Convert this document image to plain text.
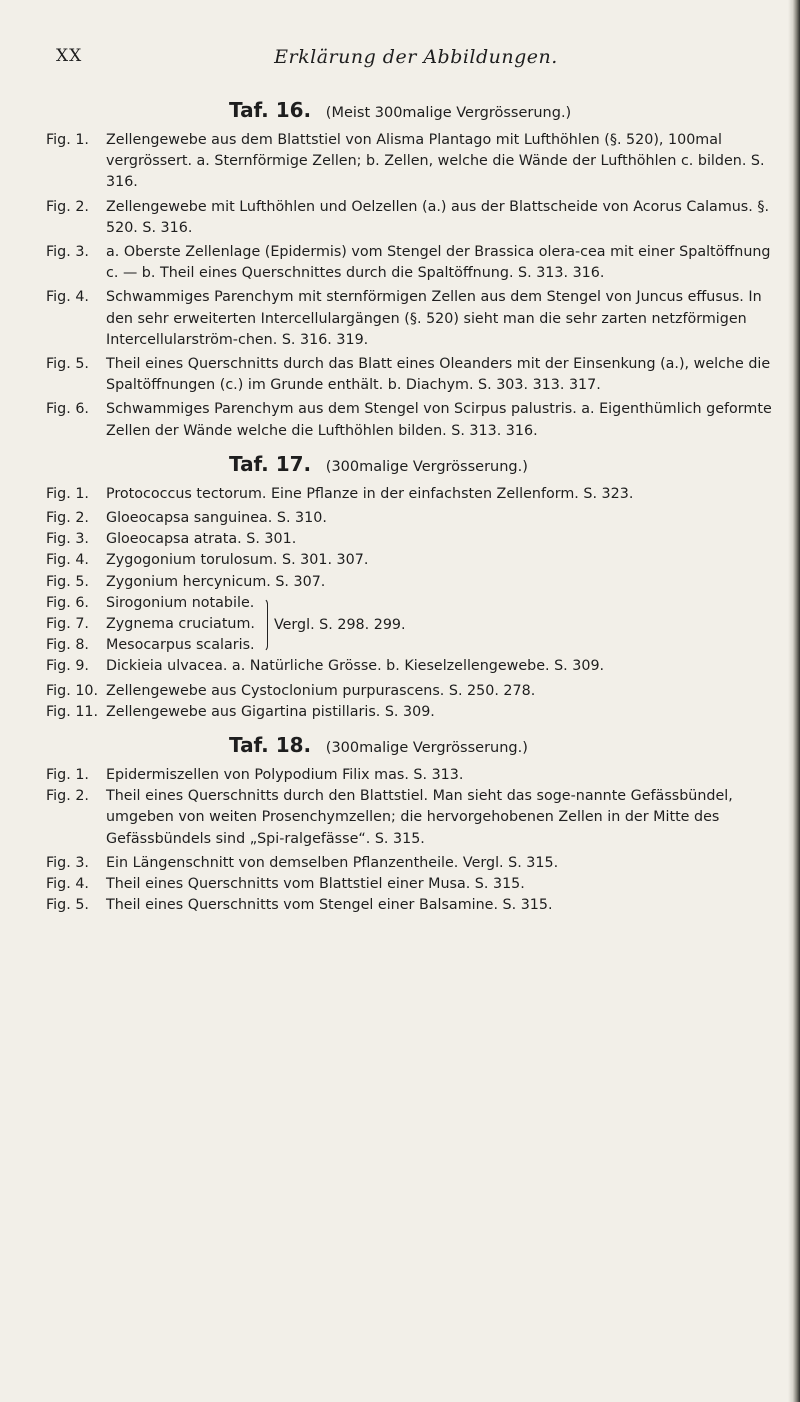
XX	Erklärung der Abbildungen.
Taf. 16. (Meist 300malige Vergrösserung.)
Fig. 1.	Zellengewebe aus dem Blattstiel von Alisma Plantago mit Lufthöhlen (§. 520), 100mal vergrössert. a. Sternförmige Zellen; b. Zellen, welche die Wände der Lufthöhlen c. bilden. S. 316.
Fig. 2.	Zellengewebe mit Lufthöhlen und Oelzellen (a.) aus der Blattscheide von Acorus Calamus. §. 520. S. 316.
Fig. 3.	a. Oberste Zellenlage (Epidermis) vom Stengel der Brassica olera-cea mit einer Spaltöffnung c. — b. Theil eines Querschnittes durch die Spaltöffnung. S. 313. 316.
Fig. 4.	Schwammiges Parenchym mit sternförmigen Zellen aus dem Stengel von Juncus effusus. In den sehr erweiterten Intercellulargängen (§. 520) sieht man die sehr zarten netzförmigen Intercellularström-chen. S. 316. 319.
Fig. 5.	Theil eines Querschnitts durch das Blatt eines Oleanders mit der Einsenkung (a.), welche die Spaltöffnungen (c.) im Grunde enthält. b. Diachym. S. 303. 313. 317.
Fig. 6.	Schwammiges Parenchym aus dem Stengel von Scirpus palustris. a. Eigenthümlich geformte Zellen der Wände welche die Lufthöhlen bilden. S. 313. 316.
Taf. 17. (300malige Vergrösserung.)
Fig. 1.	Protococcus tectorum. Eine Pflanze in der einfachsten Zellenform. S. 323.
Fig. 2.	Gloeocapsa sanguinea. S. 310.
Fig. 3.	Gloeocapsa atrata. S. 301.
Fig. 4.	Zygogonium torulosum. S. 301. 307.
Fig. 5.	Zygonium hercynicum. S. 307.
Fig. 6.	Sirogonium notabile.
Fig. 7.	Zygnema cruciatum.
Fig. 8.	Mesocarpus scalaris.
Vergl. S. 298. 299.
Fig. 9.	Dickieia ulvacea. a. Natürliche Grösse. b. Kieselzellengewebe. S. 309.
Fig. 10. Zellengewebe aus Cystoclonium purpurascens. S. 250. 278.
Fig. 11. Zellengewebe aus Gigartina pistillaris. S. 309.
Taf. 18. (300malige Vergrösserung.)
Fig. 1.	Epidermiszellen von Polypodium Filix mas. S. 313.
Fig. 2.	Theil eines Querschnitts durch den Blattstiel. Man sieht das soge-nannte Gefässbündel, umgeben von weiten Prosenchymzellen; die hervorgehobenen Zellen in der Mitte des Gefässbündels sind „Spi-ralgefässe“. S. 315.
Fig. 3.	Ein Längenschnitt von demselben Pflanzentheile. Vergl. S. 315.
Fig. 4.	Theil eines Querschnitts vom Blattstiel einer Musa. S. 315.
Fig. 5.	Theil eines Querschnitts vom Stengel einer Balsamine. S. 315.
